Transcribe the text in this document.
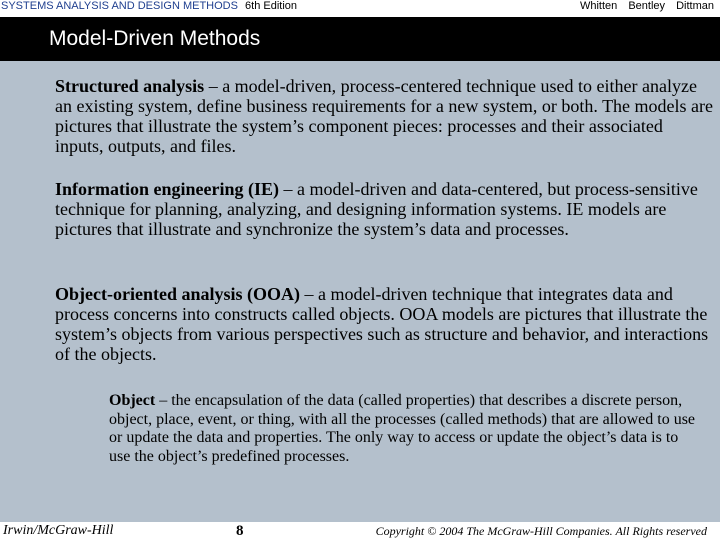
SYSTEMS ANALYSIS AND DESIGN METHODS 6th Edition	Whitten Bentley Dittman
Model-Driven Methods
Structured analysis – a model-driven, process-centered technique used to either analyze an existing system, define business requirements for a new system, or both. The models are pictures that illustrate the system’s component pieces: processes and their associated inputs, outputs, and files.
Information engineering (IE) – a model-driven and data-centered, but process-sensitive technique for planning, analyzing, and designing information systems. IE models are pictures that illustrate and synchronize the system’s data and processes.
Object-oriented analysis (OOA) – a model-driven technique that integrates data and process concerns into constructs called objects. OOA models are pictures that illustrate the system’s objects from various perspectives such as structure and behavior, and interactions of the objects.
Object – the encapsulation of the data (called properties) that describes a discrete person, object, place, event, or thing, with all the processes (called methods) that are allowed to use or update the data and properties. The only way to access or update the object’s data is to use the object’s predefined processes.
Irwin/McGraw-Hill	8	Copyright © 2004 The McGraw-Hill Companies. All Rights reserved
